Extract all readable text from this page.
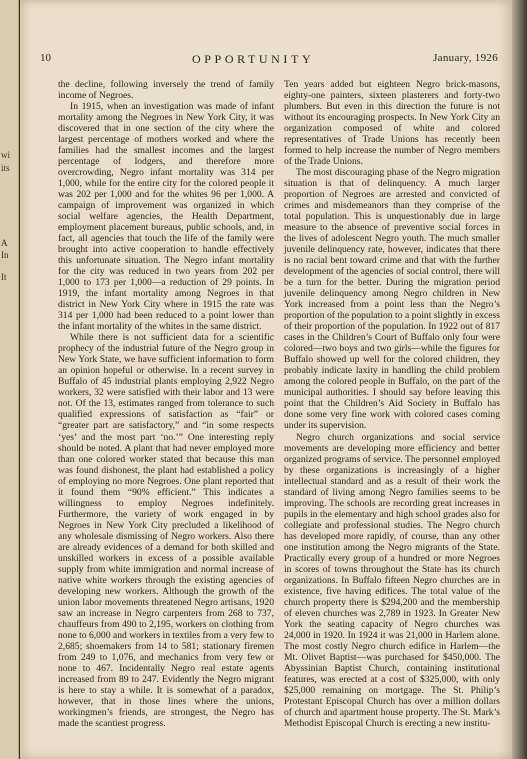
wi
its
A
In
It
10	OPPORTUNITY	January, 1926

the decline, following inversely the trend of family income of Negroes.

In 1915, when an investigation was made of infant mortality among the Negroes in New York City, it was discovered that in one section of the city where the largest percentage of mothers worked and where the families had the smallest incomes and the largest percentage of lodgers, and therefore more overcrowding, Negro infant mortality was 314 per 1,000, while for the entire city for the colored people it was 202 per 1,000 and for the whites 96 per 1,000. A campaign of improvement was organized in which social welfare agencies, the Health Department, employment placement bureaus, public schools, and, in fact, all agencies that touch the life of the family were brought into active cooperation to handle effectively this unfortunate situation. The Negro infant mortality for the city was reduced in two years from 202 per 1,000 to 173 per 1,000—a reduction of 29 points. In 1919, the infant mortality among Negroes in that district in New York City where in 1915 the rate was 314 per 1,000 had been reduced to a point lower than the infant mortality of the whites in the same district.

While there is not sufficient data for a scientific prophecy of the industrial future of the Negro group in New York State, we have sufficient information to form an opinion hopeful or otherwise. In a recent survey in Buffalo of 45 industrial plants employing 2,922 Negro workers, 32 were satisfied with their labor and 13 were not. Of the 13, estimates ranged from tolerance to such qualified expressions of satisfaction as “fair” or “greater part are satisfactory,” and “in some respects ‘yes’ and the most part ‘no.’” One interesting reply should be noted. A plant that had never employed more than one colored worker stated that because this man was found dishonest, the plant had established a policy of employing no more Negroes. One plant reported that it found them “90% efficient.” This indicates a willingness to employ Negroes indefinitely. Furthermore, the variety of work engaged in by Negroes in New York City precluded a likelihood of any wholesale dismissing of Negro workers. Also there are already evidences of a demand for both skilled and unskilled workers in excess of a possible available supply from white immigration and normal increase of native white workers through the existing agencies of developing new workers. Although the growth of the union labor movements threatened Negro artisans, 1920 saw an increase in Negro carpenters from 268 to 737, chauffeurs from 490 to 2,195, workers on clothing from none to 6,000 and workers in textiles from a very few to 2,685; shoemakers from 14 to 581; stationary firemen from 249 to 1,076, and mechanics from very few or none to 467. Incidentally Negro real estate agents increased from 89 to 247. Evidently the Negro migrant is here to stay a while. It is somewhat of a paradox, however, that in those lines where the unions, workingmen’s friends, are strongest, the Negro has made the scantiest progress.

Ten years added but eighteen Negro brick-masons, eighty-one painters, sixteen plasterers and forty-two plumbers. But even in this direction the future is not without its encouraging prospects. In New York City an organization composed of white and colored representatives of Trade Unions has recently been formed to help increase the number of Negro members of the Trade Unions.

The most discouraging phase of the Negro migration situation is that of delinquency. A much larger proportion of Negroes are arrested and convicted of crimes and misdemeanors than they comprise of the total population. This is unquestionably due in large measure to the absence of preventive social forces in the lives of adolescent Negro youth. The much smaller juvenile delinquency rate, however, indicates that there is no racial bent toward crime and that with the further development of the agencies of social control, there will be a turn for the better. During the migration period juvenile delinquency among Negro children in New York increased from a point less than the Negro’s proportion of the population to a point slightly in excess of their proportion of the population. In 1922 out of 817 cases in the Children’s Court of Buffalo only four were colored—two boys and two girls—while the figures for Buffalo showed up well for the colored children, they probably indicate laxity in handling the child problem among the colored people in Buffalo, on the part of the municipal authorities. I should say before leaving this point that the Children’s Aid Society in Buffalo has done some very fine work with colored cases coming under its supervision.

Negro church organizations and social service movements are developing more efficiency and better organized programs of service. The personnel employed by these organizations is increasingly of a higher intellectual standard and as a result of their work the standard of living among Negro families seems to be improving. The schools are recording great increases in pupils in the elementary and high school grades also for collegiate and professional studies. The Negro church has developed more rapidly, of course, than any other one institution among the Negro migrants of the State. Practically every group of a hundred or more Negroes in scores of towns throughout the State has its church organizations. In Buffalo fifteen Negro churches are in existence, five having edifices. The total value of the church property there is $294,200 and the membership of eleven churches was 2,789 in 1923. In Greater New York the seating capacity of Negro churches was 24,000 in 1920. In 1924 it was 21,000 in Harlem alone. The most costly Negro church edifice in Harlem—the Mt. Olivet Baptist—was purchased for $450,000. The Abyssinian Baptist Church, containing institutional features, was erected at a cost of $325,000, with only $25,000 remaining on mortgage. The St. Philip’s Protestant Episcopal Church has over a million dollars of church and apartment house property. The St. Mark’s Methodist Episcopal Church is erecting a new institu-
